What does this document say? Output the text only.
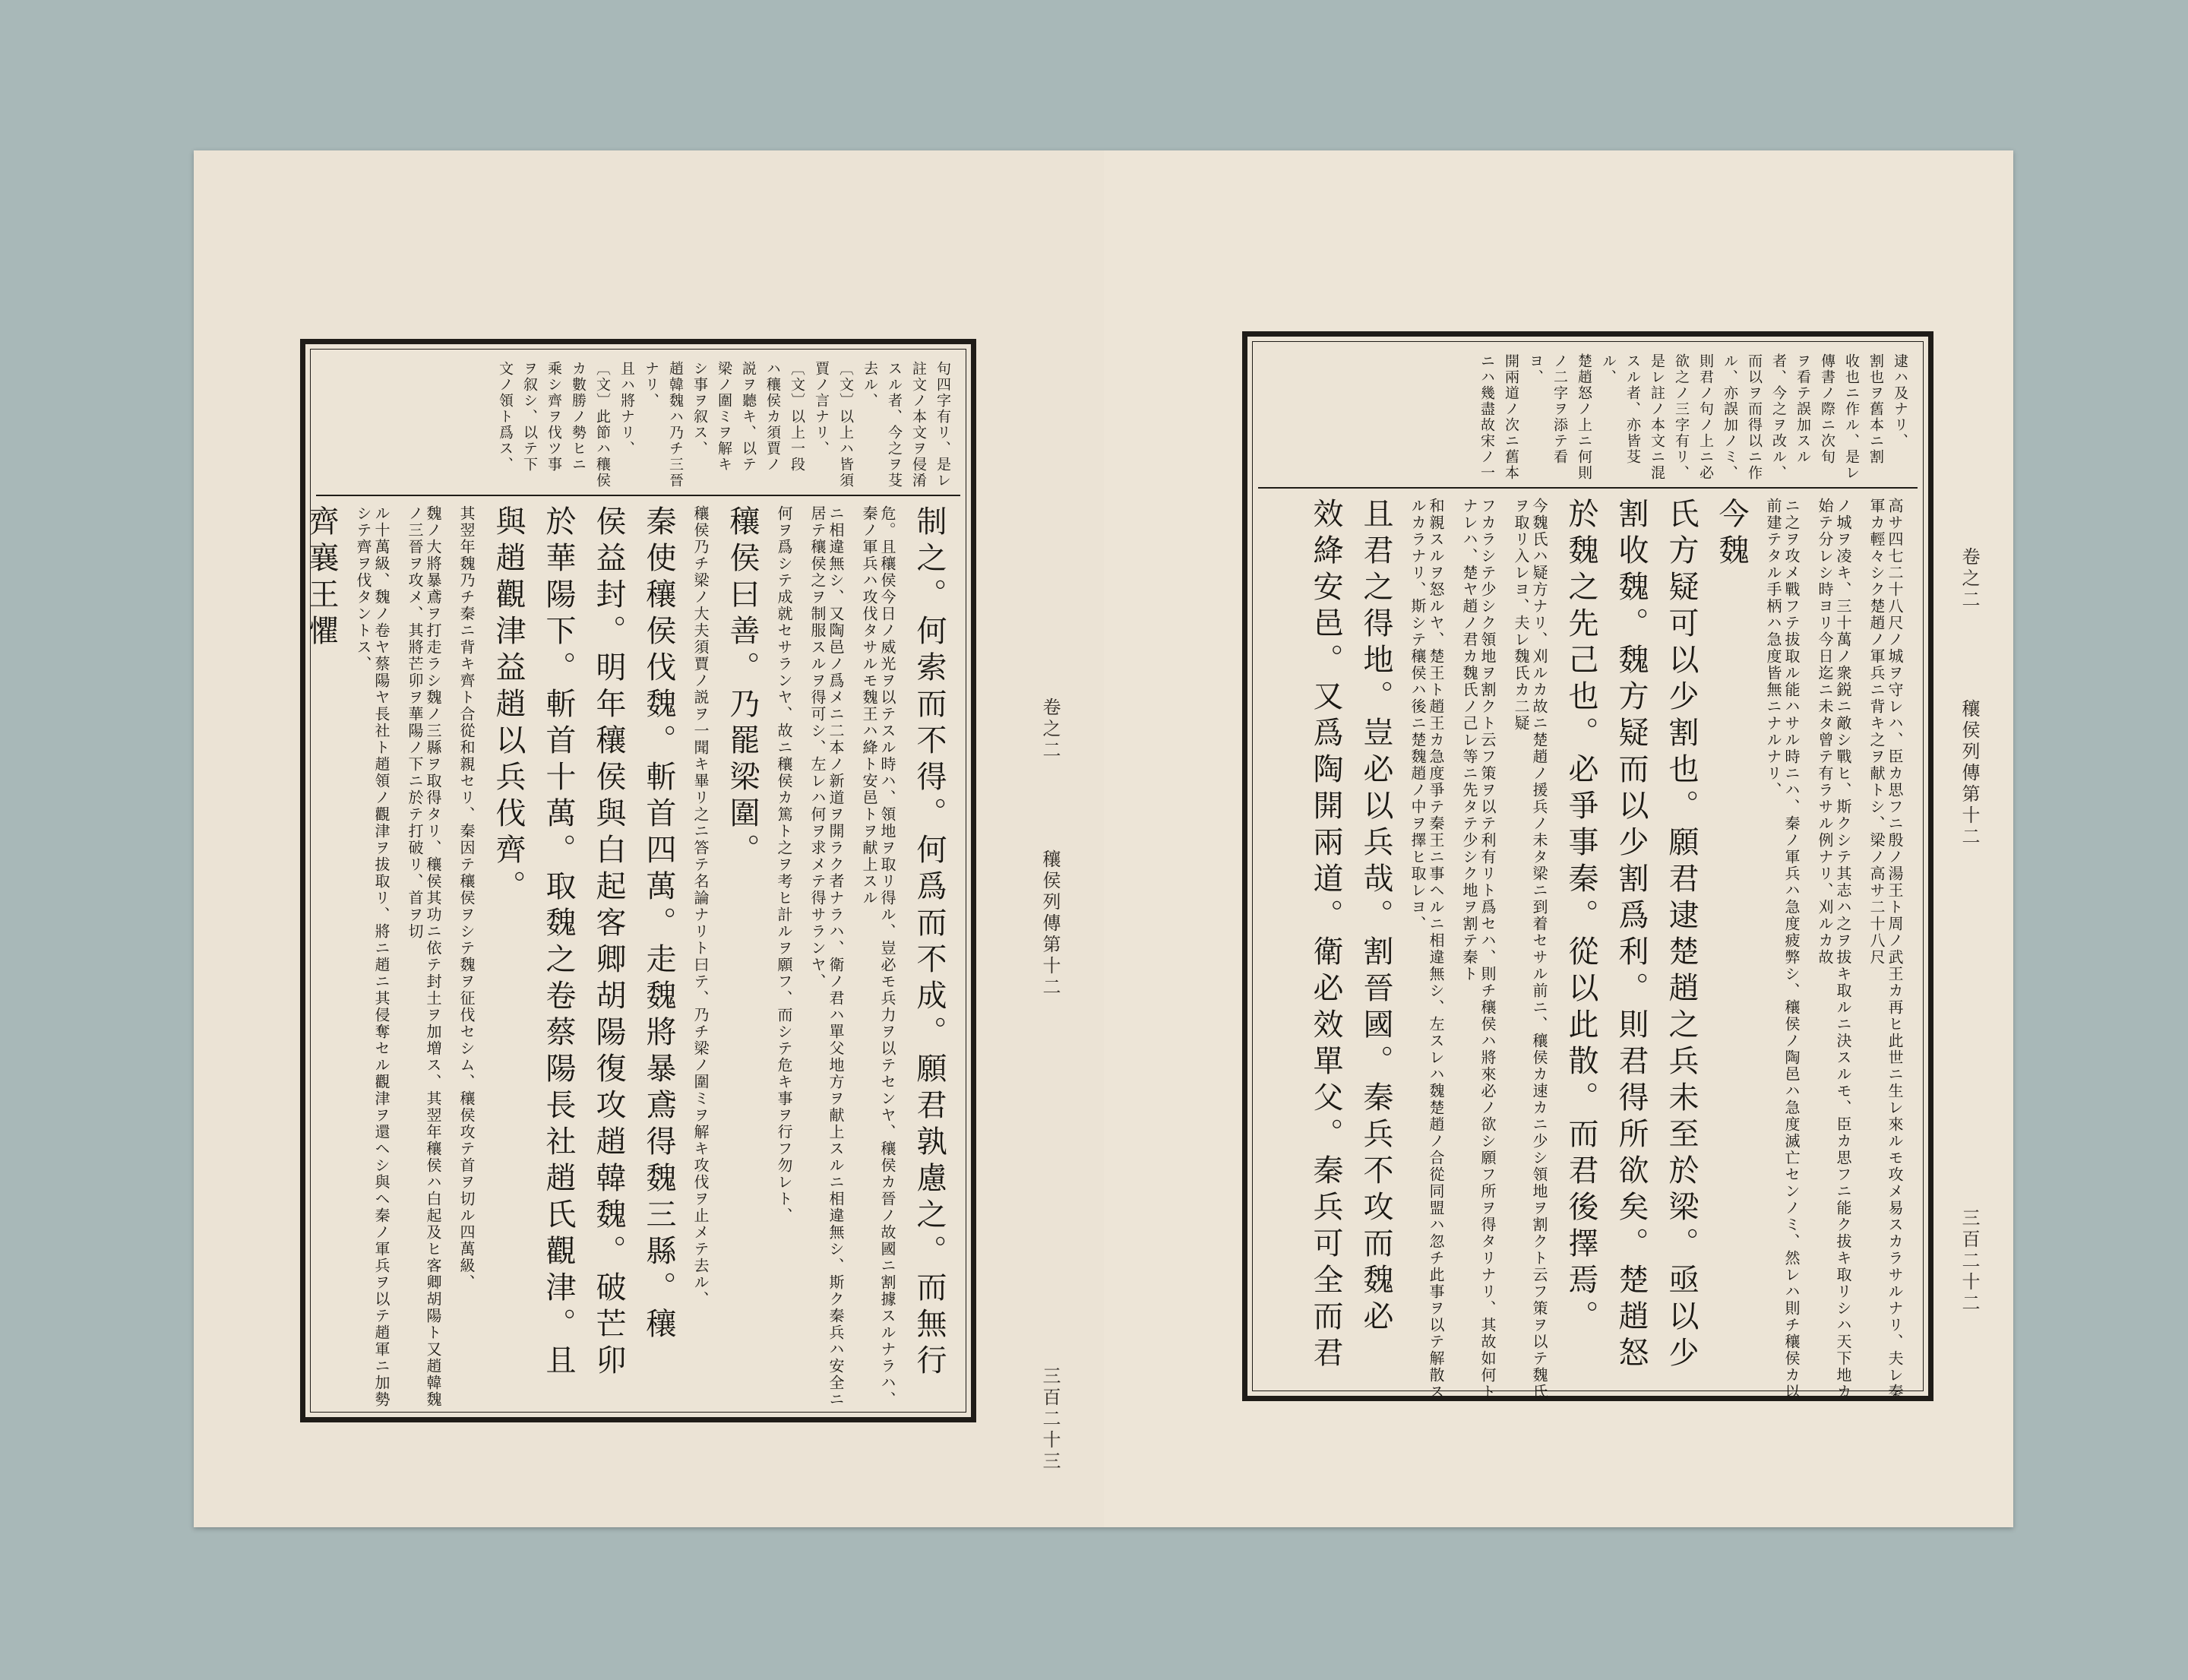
句四字有リ、是レ
註文ノ本文ヲ侵淆
スル者、今之ヲ芟
去ル、
〔文〕以上ハ皆須
賈ノ言ナリ、
〔文〕以上一段
ハ穰侯カ須賈ノ
説ヲ聽キ、以テ
梁ノ圍ミヲ解キ
シ事ヲ叙ス、
趙韓魏ハ乃チ三晉
ナリ、
且ハ將ナリ、
〔文〕此節ハ穰侯
カ數勝ノ勢ヒニ
乘シ齊ヲ伐ツ事
ヲ叙シ、以テ下
文ノ領ト爲ス、
制之。何索而不得。何爲而不成。願君孰慮之。而無行
危。且穰侯今日ノ威光ヲ以テスル時ハ、領地ヲ取リ得ル、豈必モ兵力ヲ以テセンヤ、穰侯カ晉ノ故國ニ割據スルナラハ、秦ノ軍兵ハ攻伐タサルモ魏王ハ絳ト安邑トヲ献上スル
ニ相違無シ、又陶邑ノ爲メニ二本ノ新道ヲ開ラク者ナラハ、衛ノ君ハ單父地方ヲ献上スルニ相違無シ、斯ク秦兵ハ安全ニ居テ穰侯之ヲ制服スルヲ得可シ、左レハ何ヲ求メテ得サランヤ、
何ヲ爲シテ成就セサランヤ、故ニ穰侯カ篤ト之ヲ考ヒ計ルヲ願フ、而シテ危キ事ヲ行フ勿レト、
穰侯曰善。乃罷梁圍。
穰侯乃チ梁ノ大夫須賈ノ説ヲ一聞キ畢リ之ニ答テ名論ナリト曰テ、乃チ梁ノ圍ミヲ解キ攻伐ヲ止メテ去ル、
秦使穰侯伐魏。斬首四萬。走魏將暴鳶得魏三縣。穰
侯益封。明年穰侯與白起客卿胡陽復攻趙韓魏。破芒卯
於華陽下。斬首十萬。取魏之卷蔡陽長社趙氏觀津。且
與趙觀津益趙以兵伐齊。
其翌年魏乃チ秦ニ背キ齊ト合從和親セリ、秦因テ穰侯ヲシテ魏ヲ征伐セシム、穰侯攻テ首ヲ切ル四萬級、
魏ノ大將暴鳶ヲ打走ラシ魏ノ三縣ヲ取得タリ、穰侯其功ニ依テ封土ヲ加増ス、其翌年穰侯ハ白起及ヒ客卿胡陽ト又趙韓魏ノ三晉ヲ攻メ、其將芒卯ヲ華陽ノ下ニ於テ打破リ、首ヲ切
ル十萬級、魏ノ卷ヤ蔡陽ヤ長社ト趙領ノ觀津ヲ拔取リ、將ニ趙ニ其侵奪セル觀津ヲ還ヘシ與ヘ秦ノ軍兵ヲ以テ趙軍ニ加勢シテ齊ヲ伐タントス、
齊襄王懼
卷之二
穰侯列傳第十二
三百二十三
逮ハ及ナリ、
割也ヲ舊本ニ割
收也ニ作ル、是レ
傳書ノ際ニ次旬
ヲ看テ誤加スル
者、今之ヲ改ル、
而以ヲ而得以ニ作
ル、亦誤加ノミ、
則君ノ句ノ上ニ必
欲之ノ三字有リ、
是レ註ノ本文ニ混
スル者、亦皆芟
ル、
楚趙怒ノ上ニ何則
ノ二字ヲ添テ看
ヨ、
開兩道ノ次ニ舊本
ニハ幾盡故宋ノ一
高サ四七二十八尺ノ城ヲ守レハ、臣カ思フニ殷ノ湯王ト周ノ武王カ再ヒ此世ニ生レ來ルモ攻メ易スカラサルナリ、夫レ秦軍カ輕々シク楚趙ノ軍兵ニ背キ之ヲ献トシ、梁ノ高サ二十八尺
ノ城ヲ凌キ、三十萬ノ衆鋭ニ敵シ戰ヒ、斯クシテ其志ハ之ヲ拔キ取ルニ決スルモ、臣カ思フニ能ク拔キ取リシハ天下地カ始テ分レシ時ヨリ今日迄ニ未タ曾テ有ラサル例ナリ、刈ルカ故
ニ之ヲ攻メ戰フテ拔取ル能ハサル時ニハ、秦ノ軍兵ハ急度疲弊シ、穰侯ノ陶邑ハ急度滅亡センノミ、然レハ則チ穰侯カ以前建テタル手柄ハ急度皆無ニナルナリ、
今魏
氏方疑可以少割也。願君逮楚趙之兵未至於梁。亟以少
割收魏。魏方疑而以少割爲利。則君得所欲矣。楚趙怒
於魏之先己也。必爭事秦。從以此散。而君後擇焉。
今魏氏ハ疑方ナリ、刈ルカ故ニ楚趙ノ援兵ノ未タ梁ニ到着セサル前ニ、穰侯カ速カニ少シ領地ヲ割クト云フ策ヲ以テ魏氏ヲ取リ入レヨ、夫レ魏氏カ二疑
フカラシテ少シク領地ヲ割クト云フ策ヲ以テ利有リト爲セハ、則チ穰侯ハ將來必ノ欲シ願フ所ヲ得タリナリ、其故如何トナレハ、楚ヤ趙ノ君カ魏氏ノ己レ等ニ先タテ少シク地ヲ割テ秦ト
和親スルヲ怒ルヤ、楚王ト趙王カ急度爭テ秦王ニ事ヘルニ相違無シ、左スレハ魏楚趙ノ合從同盟ハ忽チ此事ヲ以テ解散スルカラナリ、斯シテ穰侯ハ後ニ楚魏趙ノ中ヲ擇ヒ取レヨ、
且君之得地。豈必以兵哉。割晉國。秦兵不攻而魏必
效絳安邑。又爲陶開兩道。衛必效單父。秦兵可全而君	卷之二
穰侯列傳第十二
三百二十二
